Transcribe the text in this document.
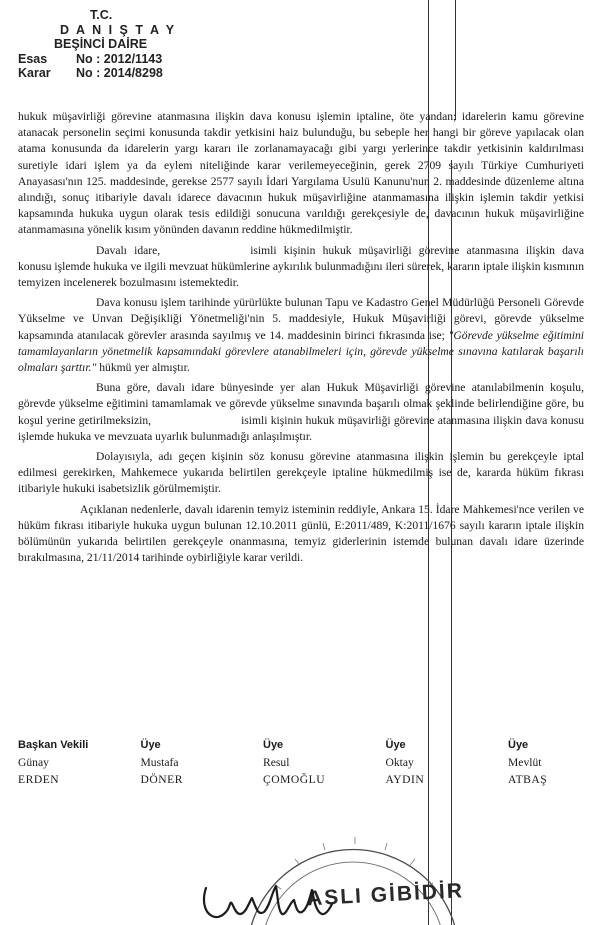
T.C.
D A N I Ş T A Y
BEŞİNCİ DAİRE
Esas No : 2012/1143
Karar No : 2014/8298

hukuk müşavirliği görevine atanmasına ilişkin dava konusu işlemin iptaline, öte yandan; idarelerin kamu görevine atanacak personelin seçimi konusunda takdir yetkisini haiz bulunduğu, bu sebeple her hangi bir göreve yapılacak olan atama konusunda da idarelerin yargı kararı ile zorlanamayacağı gibi yargı yerlerince takdir yetkisinin kaldırılması suretiyle idari işlem ya da eylem niteliğinde karar verilemeyeceğinin, gerek 2709 sayılı Türkiye Cumhuriyeti Anayasası'nın 125. maddesinde, gerekse 2577 sayılı İdari Yargılama Usulü Kanunu'nun 2. maddesinde düzenleme altına alındığı, sonuç itibariyle davalı idarece davacının hukuk müşavirliğine atanmamasına ilişkin işlemin takdir yetkisi kapsamında hukuka uygun olarak tesis edildiği sonucuna varıldığı gerekçesiyle de, davacının hukuk müşavirliğine atanmamasına yönelik kısım yönünden davanın reddine hükmedilmiştir.

Davalı idare,	isimli kişinin hukuk müşavirliği görevine atanmasına ilişkin dava konusu işlemde hukuka ve ilgili mevzuat hükümlerine aykırılık bulunmadığını ileri sürerek, kararın iptale ilişkin kısmının temyizen incelenerek bozulmasını istemektedir.

Dava konusu işlem tarihinde yürürlükte bulunan Tapu ve Kadastro Genel Müdürlüğü Personeli Görevde Yükselme ve Unvan Değişikliği Yönetmeliği'nin 5. maddesiyle, Hukuk Müşavirliği görevi, görevde yükselme kapsamında atanılacak görevler arasında sayılmış ve 14. maddesinin birinci fıkrasında ise; "Görevde yükselme eğitimini tamamlayanların yönetmelik kapsamındaki görevlere atanabilmeleri için, görevde yükselme sınavına katılarak başarılı olmaları şarttır." hükmü yer almıştır.

Buna göre, davalı idare bünyesinde yer alan Hukuk Müşavirliği görevine atanılabilmenin koşulu, görevde yükselme eğitimini tamamlamak ve görevde yükselme sınavında başarılı olmak şeklinde belirlendiğine göre, bu koşul yerine getirilmeksizin,	isimli kişinin hukuk müşavirliği görevine atanmasına ilişkin dava konusu işlemde hukuka ve mevzuata uyarlık bulunmadığı anlaşılmıştır.

Dolayısıyla, adı geçen kişinin söz konusu görevine atanmasına ilişkin işlemin bu gerekçeyle iptal edilmesi gerekirken, Mahkemece yukarıda belirtilen gerekçeyle iptaline hükmedilmiş ise de, kararda hüküm fıkrası itibariyle hukuki isabetsizlik görülmemiştir.

Açıklanan nedenlerle, davalı idarenin temyiz isteminin reddiyle, Ankara 15. İdare Mahkemesi'nce verilen ve hüküm fıkrası itibariyle hukuka uygun bulunan 12.10.2011 günlü, E:2011/489, K:2011/1676 sayılı kararın iptale ilişkin bölümünün yukarıda belirtilen gerekçeyle onanmasına, temyiz giderlerinin istemde bulunan davalı idare üzerinde bırakılmasına, 21/11/2014 tarihinde oybirliğiyle karar verildi.

Başkan Vekili
Günay
ERDEN
Üye
Mustafa
DÖNER
Üye
Resul
ÇOMOĞLU
Üye
Oktay
AYDIN
Üye
Mevlüt
ATBAŞ
ASLI GİBİDİR
Lavhah
